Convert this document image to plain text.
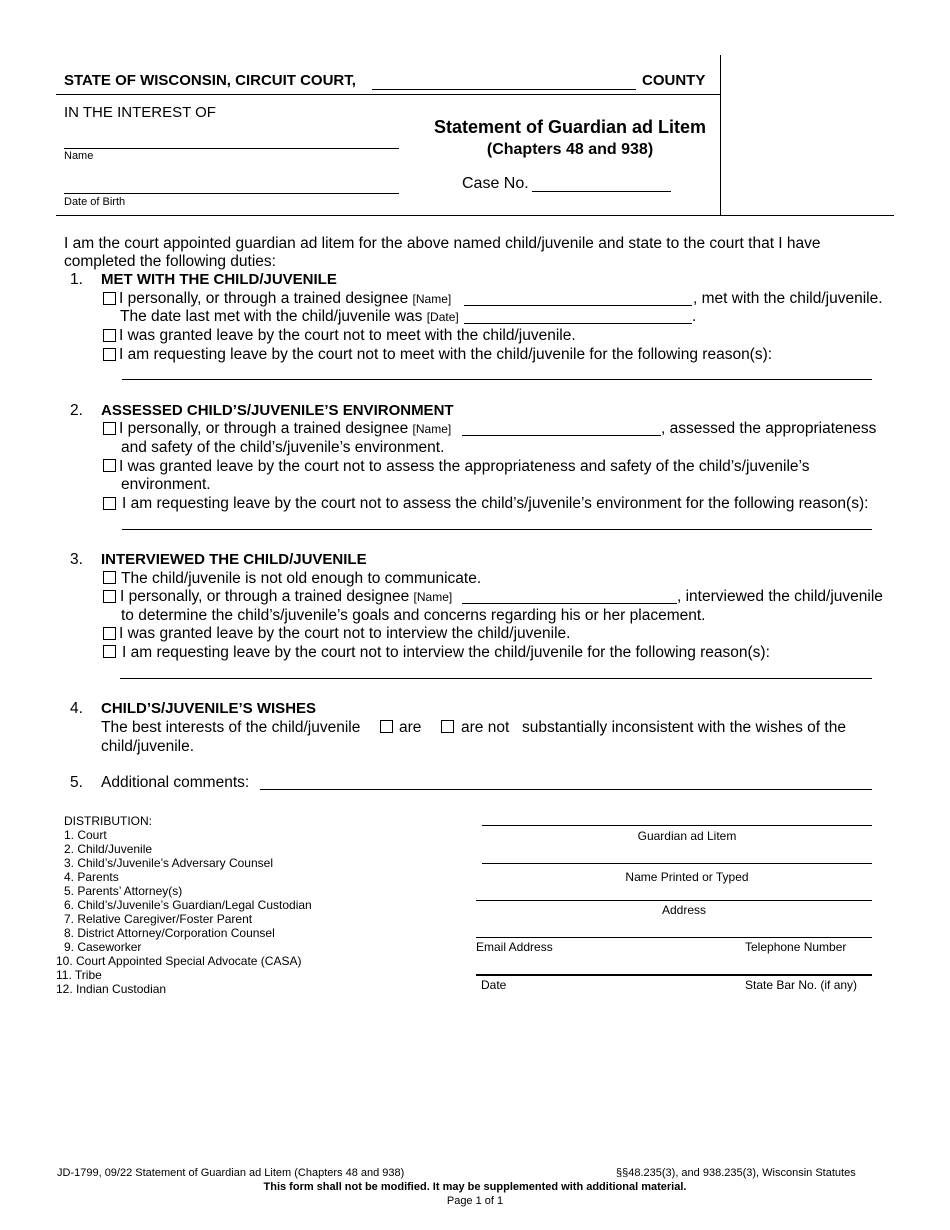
STATE OF WISCONSIN, CIRCUIT COURT,	COUNTY
IN THE INTEREST OF
Name
Date of Birth
Statement of Guardian ad Litem
(Chapters 48 and 938)
Case No.
I am the court appointed guardian ad litem for the above named child/juvenile and state to the court that I have completed the following duties:
1. MET WITH THE CHILD/JUVENILE
I personally, or through a trained designee [Name]	, met with the child/juvenile.
The date last met with the child/juvenile was [Date]	.
I was granted leave by the court not to meet with the child/juvenile.
I am requesting leave by the court not to meet with the child/juvenile for the following reason(s):
2. ASSESSED CHILD’S/JUVENILE’S ENVIRONMENT
I personally, or through a trained designee [Name]	, assessed the appropriateness
and safety of the child’s/juvenile’s environment.
I was granted leave by the court not to assess the appropriateness and safety of the child’s/juvenile’s
environment.
I am requesting leave by the court not to assess the child’s/juvenile’s environment for the following reason(s):
3. INTERVIEWED THE CHILD/JUVENILE
The child/juvenile is not old enough to communicate.
I personally, or through a trained designee [Name]	, interviewed the child/juvenile
to determine the child’s/juvenile’s goals and concerns regarding his or her placement.
I was granted leave by the court not to interview the child/juvenile.
I am requesting leave by the court not to interview the child/juvenile for the following reason(s):
4. CHILD’S/JUVENILE’S WISHES
The best interests of the child/juvenile are	are not substantially inconsistent with the wishes of the
child/juvenile.
5. Additional comments:
DISTRIBUTION:
1. Court
2. Child/Juvenile
3. Child’s/Juvenile’s Adversary Counsel
4. Parents
5. Parents’ Attorney(s)
6. Child’s/Juvenile’s Guardian/Legal Custodian
7. Relative Caregiver/Foster Parent
8. District Attorney/Corporation Counsel
9. Caseworker
10. Court Appointed Special Advocate (CASA)
11. Tribe
12. Indian Custodian
Guardian ad Litem
Name Printed or Typed
Address
Email Address	Telephone Number
Date	State Bar No. (if any)
JD-1799, 09/22 Statement of Guardian ad Litem (Chapters 48 and 938)	§§48.235(3), and 938.235(3), Wisconsin Statutes
This form shall not be modified. It may be supplemented with additional material.
Page 1 of 1
